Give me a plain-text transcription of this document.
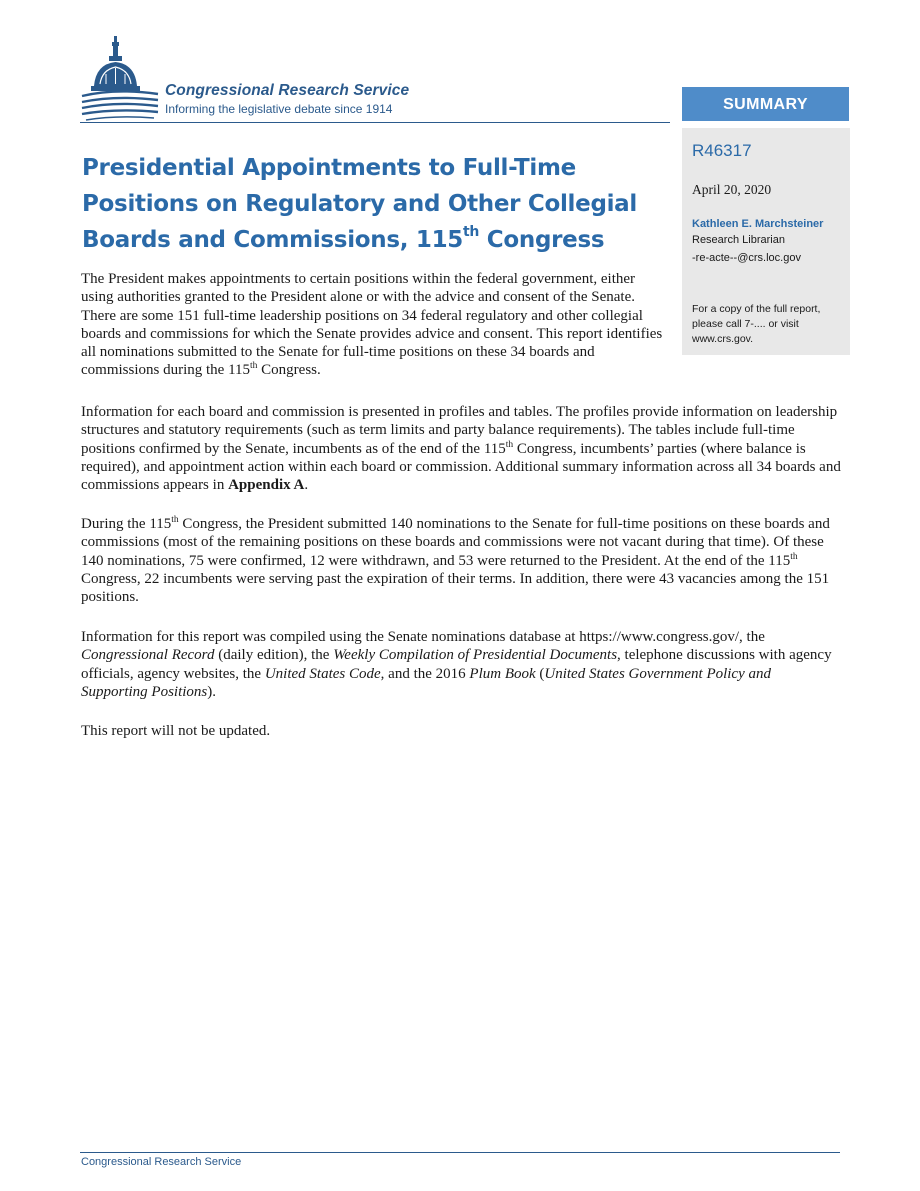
Congressional Research Service
Informing the legislative debate since 1914	SUMMARY
R46317
April 20, 2020
Kathleen E. Marchsteiner
Research Librarian
-re-acte--@crs.loc.gov
For a copy of the full report, please call 7-.... or visit www.crs.gov.
Presidential Appointments to Full-Time Positions on Regulatory and Other Collegial Boards and Commissions, 115th Congress

The President makes appointments to certain positions within the federal government, either using authorities granted to the President alone or with the advice and consent of the Senate. There are some 151 full-time leadership positions on 34 federal regulatory and other collegial boards and commissions for which the Senate provides advice and consent. This report identifies all nominations submitted to the Senate for full-time positions on these 34 boards and commissions during the 115th Congress.

Information for each board and commission is presented in profiles and tables. The profiles provide information on leadership structures and statutory requirements (such as term limits and party balance requirements). The tables include full-time positions confirmed by the Senate, incumbents as of the end of the 115th Congress, incumbents’ parties (where balance is required), and appointment action within each board or commission. Additional summary information across all 34 boards and commissions appears in Appendix A.

During the 115th Congress, the President submitted 140 nominations to the Senate for full-time positions on these boards and commissions (most of the remaining positions on these boards and commissions were not vacant during that time). Of these 140 nominations, 75 were confirmed, 12 were withdrawn, and 53 were returned to the President. At the end of the 115th Congress, 22 incumbents were serving past the expiration of their terms. In addition, there were 43 vacancies among the 151 positions.

Information for this report was compiled using the Senate nominations database at https://www.congress.gov/, the Congressional Record (daily edition), the Weekly Compilation of Presidential Documents, telephone discussions with agency officials, agency websites, the United States Code, and the 2016 Plum Book (United States Government Policy and Supporting Positions).

This report will not be updated.

Congressional Research Service
